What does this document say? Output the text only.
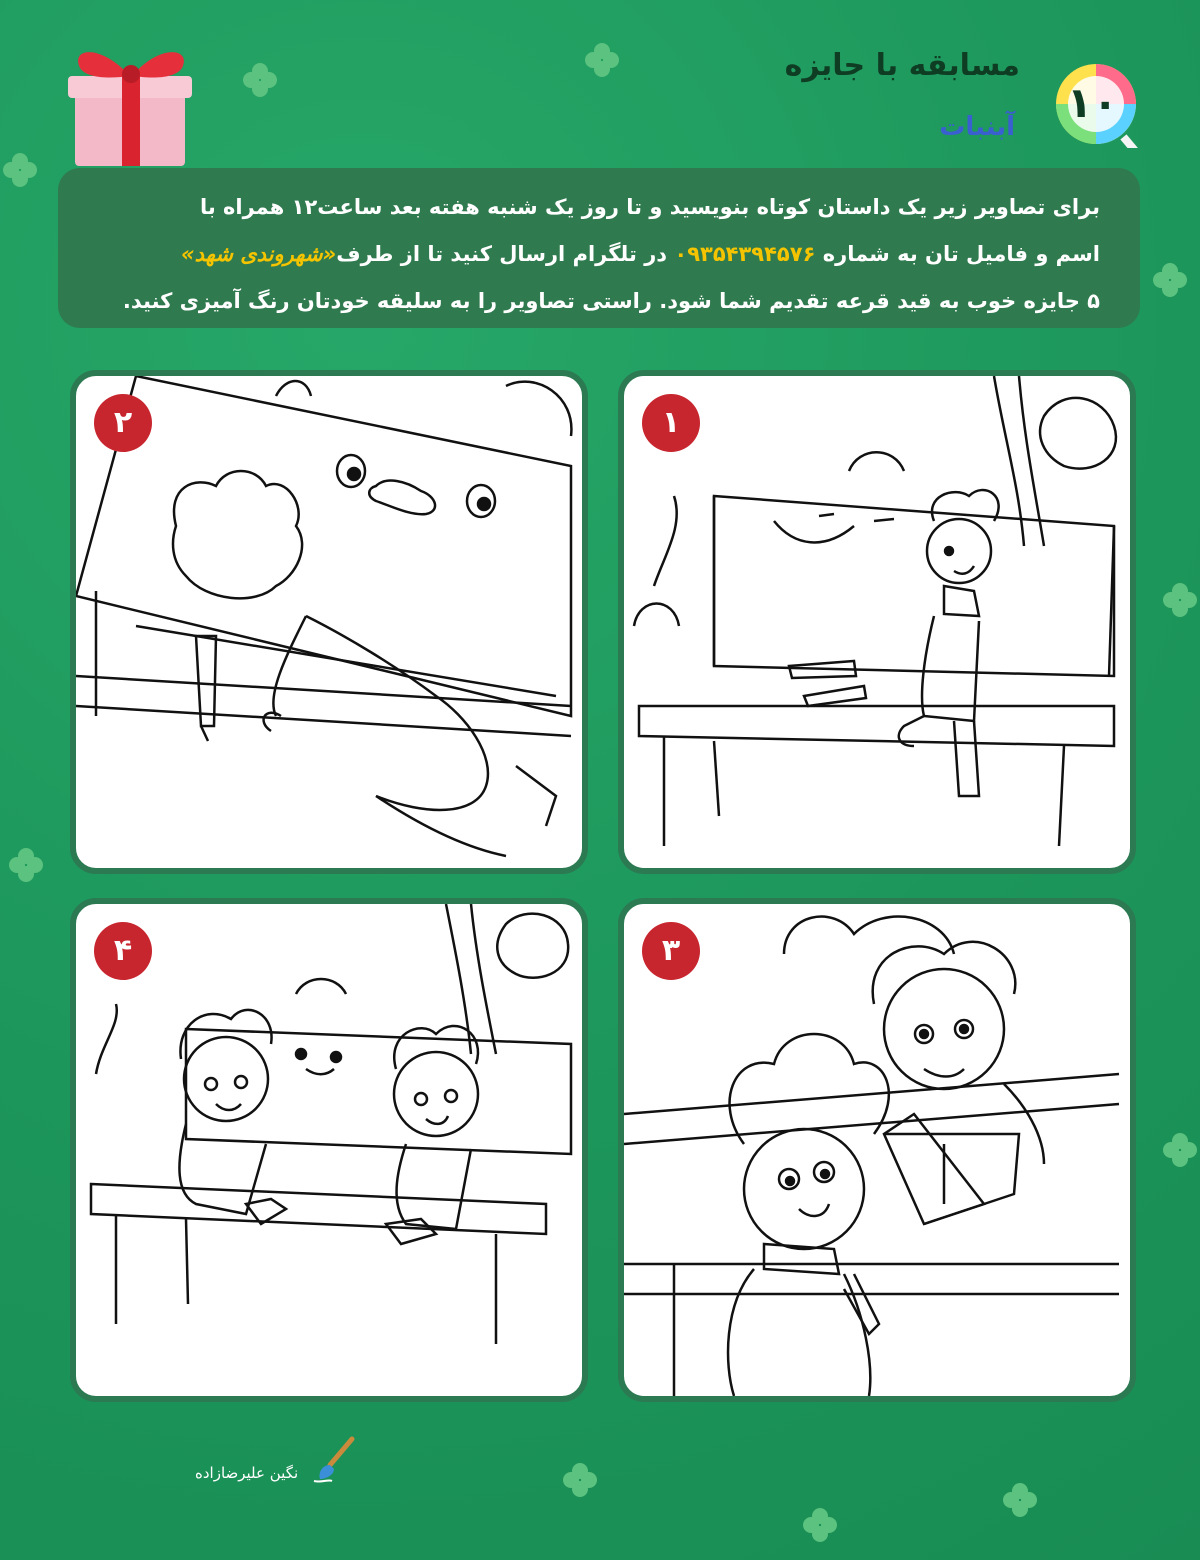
مسابقه با جایزه
آبنبات ۱۰

برای تصاویر زیر یک داستان کوتاه بنویسید و تا روز یک شنبه هفته بعد ساعت۱۲ همراه با

اسم و فامیل تان به شماره ۰۹۳۵۴۳۹۴۵۷۶ در تلگرام ارسال کنید تا از طرف«شهروندی شهد»

۵ جایزه خوب به قید قرعه تقدیم شما شود. راستی تصاویر را به سلیقه خودتان رنگ آمیزی کنید.

۱
۲
۳
۴
نگین علیرضازاده
